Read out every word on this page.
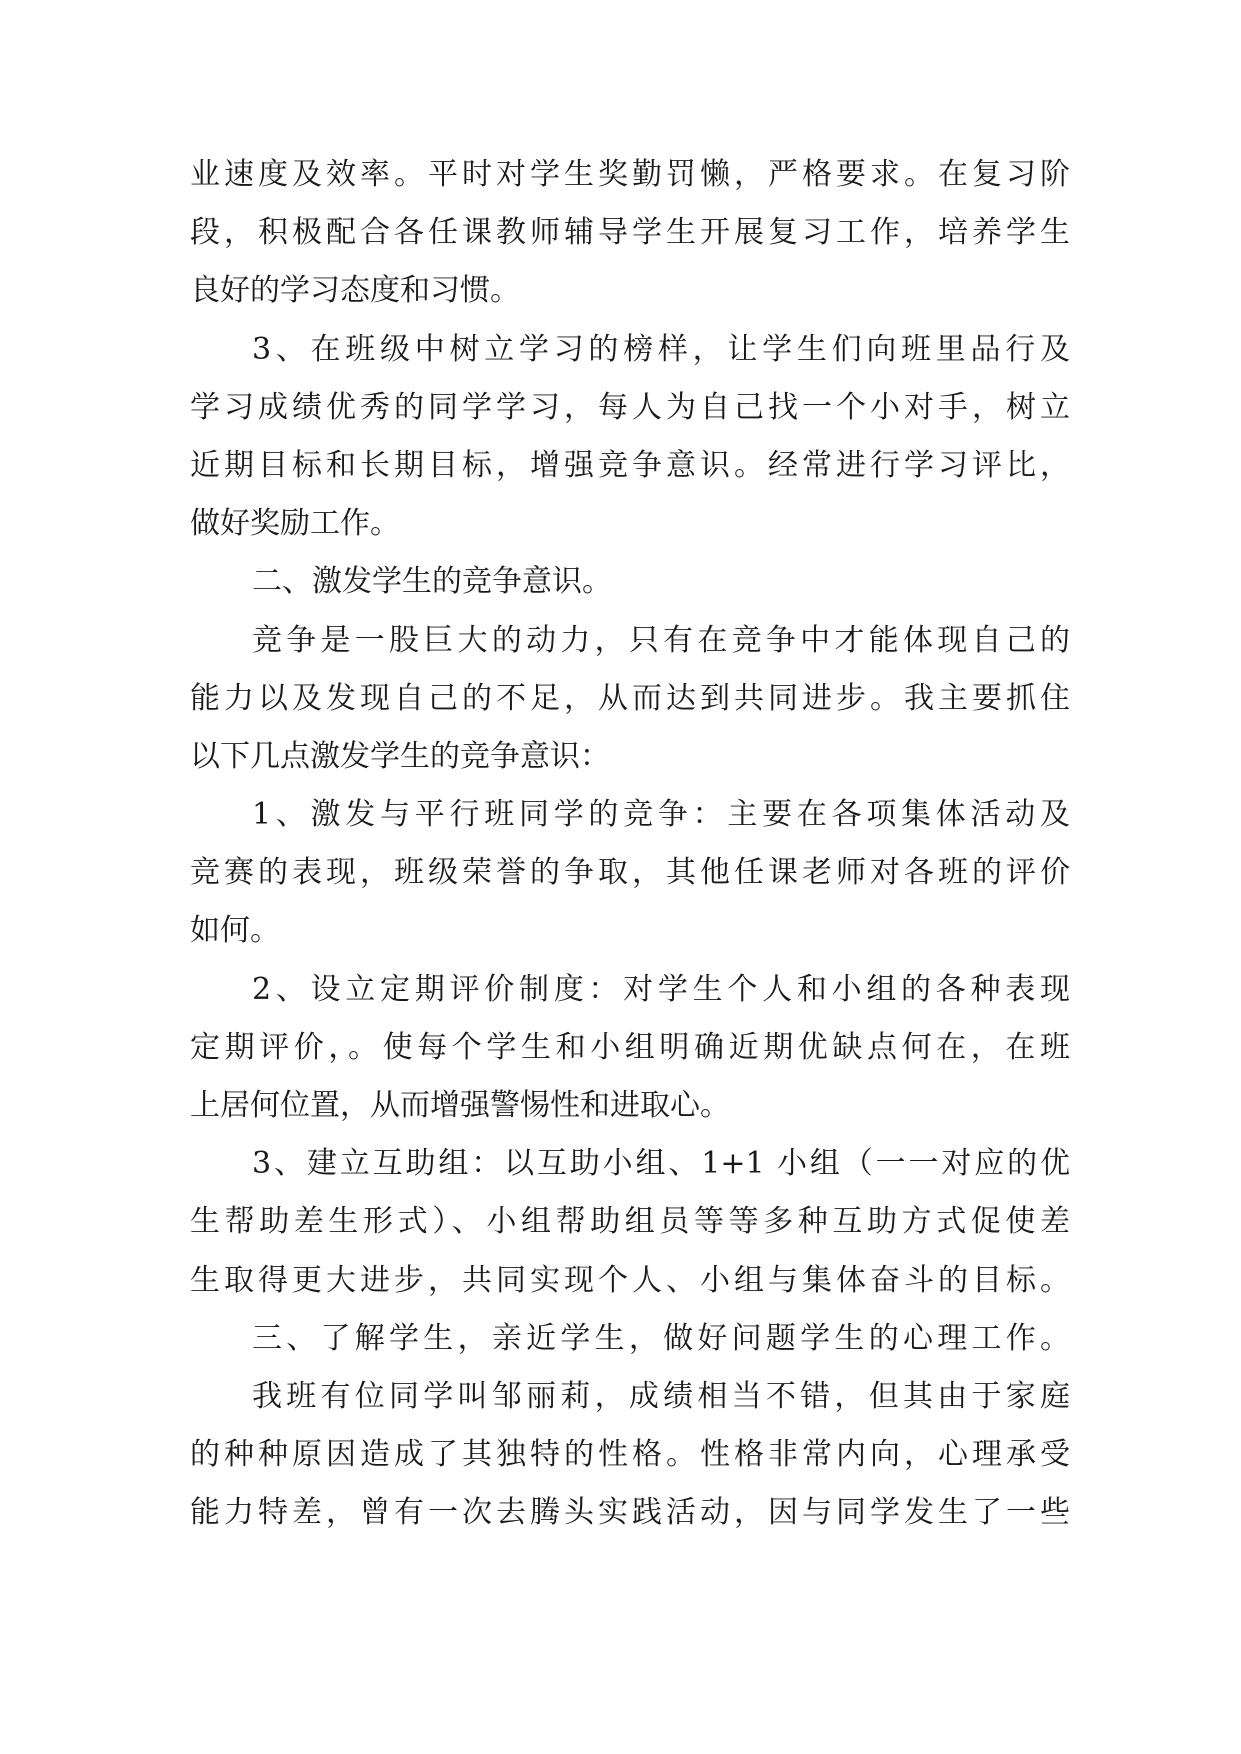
业速度及效率。平时对学生奖勤罚懒，严格要求。在复习阶
段，积极配合各任课教师辅导学生开展复习工作，培养学生
良好的学习态度和习惯。
3、在班级中树立学习的榜样，让学生们向班里品行及
学习成绩优秀的同学学习，每人为自己找一个小对手，树立
近期目标和长期目标，增强竞争意识。经常进行学习评比，
做好奖励工作。
二、激发学生的竞争意识。
竞争是一股巨大的动力，只有在竞争中才能体现自己的
能力以及发现自己的不足，从而达到共同进步。我主要抓住
以下几点激发学生的竞争意识：
1、激发与平行班同学的竞争：主要在各项集体活动及
竞赛的表现，班级荣誉的争取，其他任课老师对各班的评价
如何。
2、设立定期评价制度：对学生个人和小组的各种表现
定期评价，。使每个学生和小组明确近期优缺点何在，在班
上居何位置，从而增强警惕性和进取心。
3、建立互助组：以互助小组、1+1 小组（一一对应的优
生帮助差生形式）、小组帮助组员等等多种互助方式促使差
生取得更大进步，共同实现个人、小组与集体奋斗的目标。
三、了解学生，亲近学生，做好问题学生的心理工作。
我班有位同学叫邹丽莉，成绩相当不错，但其由于家庭
的种种原因造成了其独特的性格。性格非常内向，心理承受
能力特差，曾有一次去腾头实践活动，因与同学发生了一些
